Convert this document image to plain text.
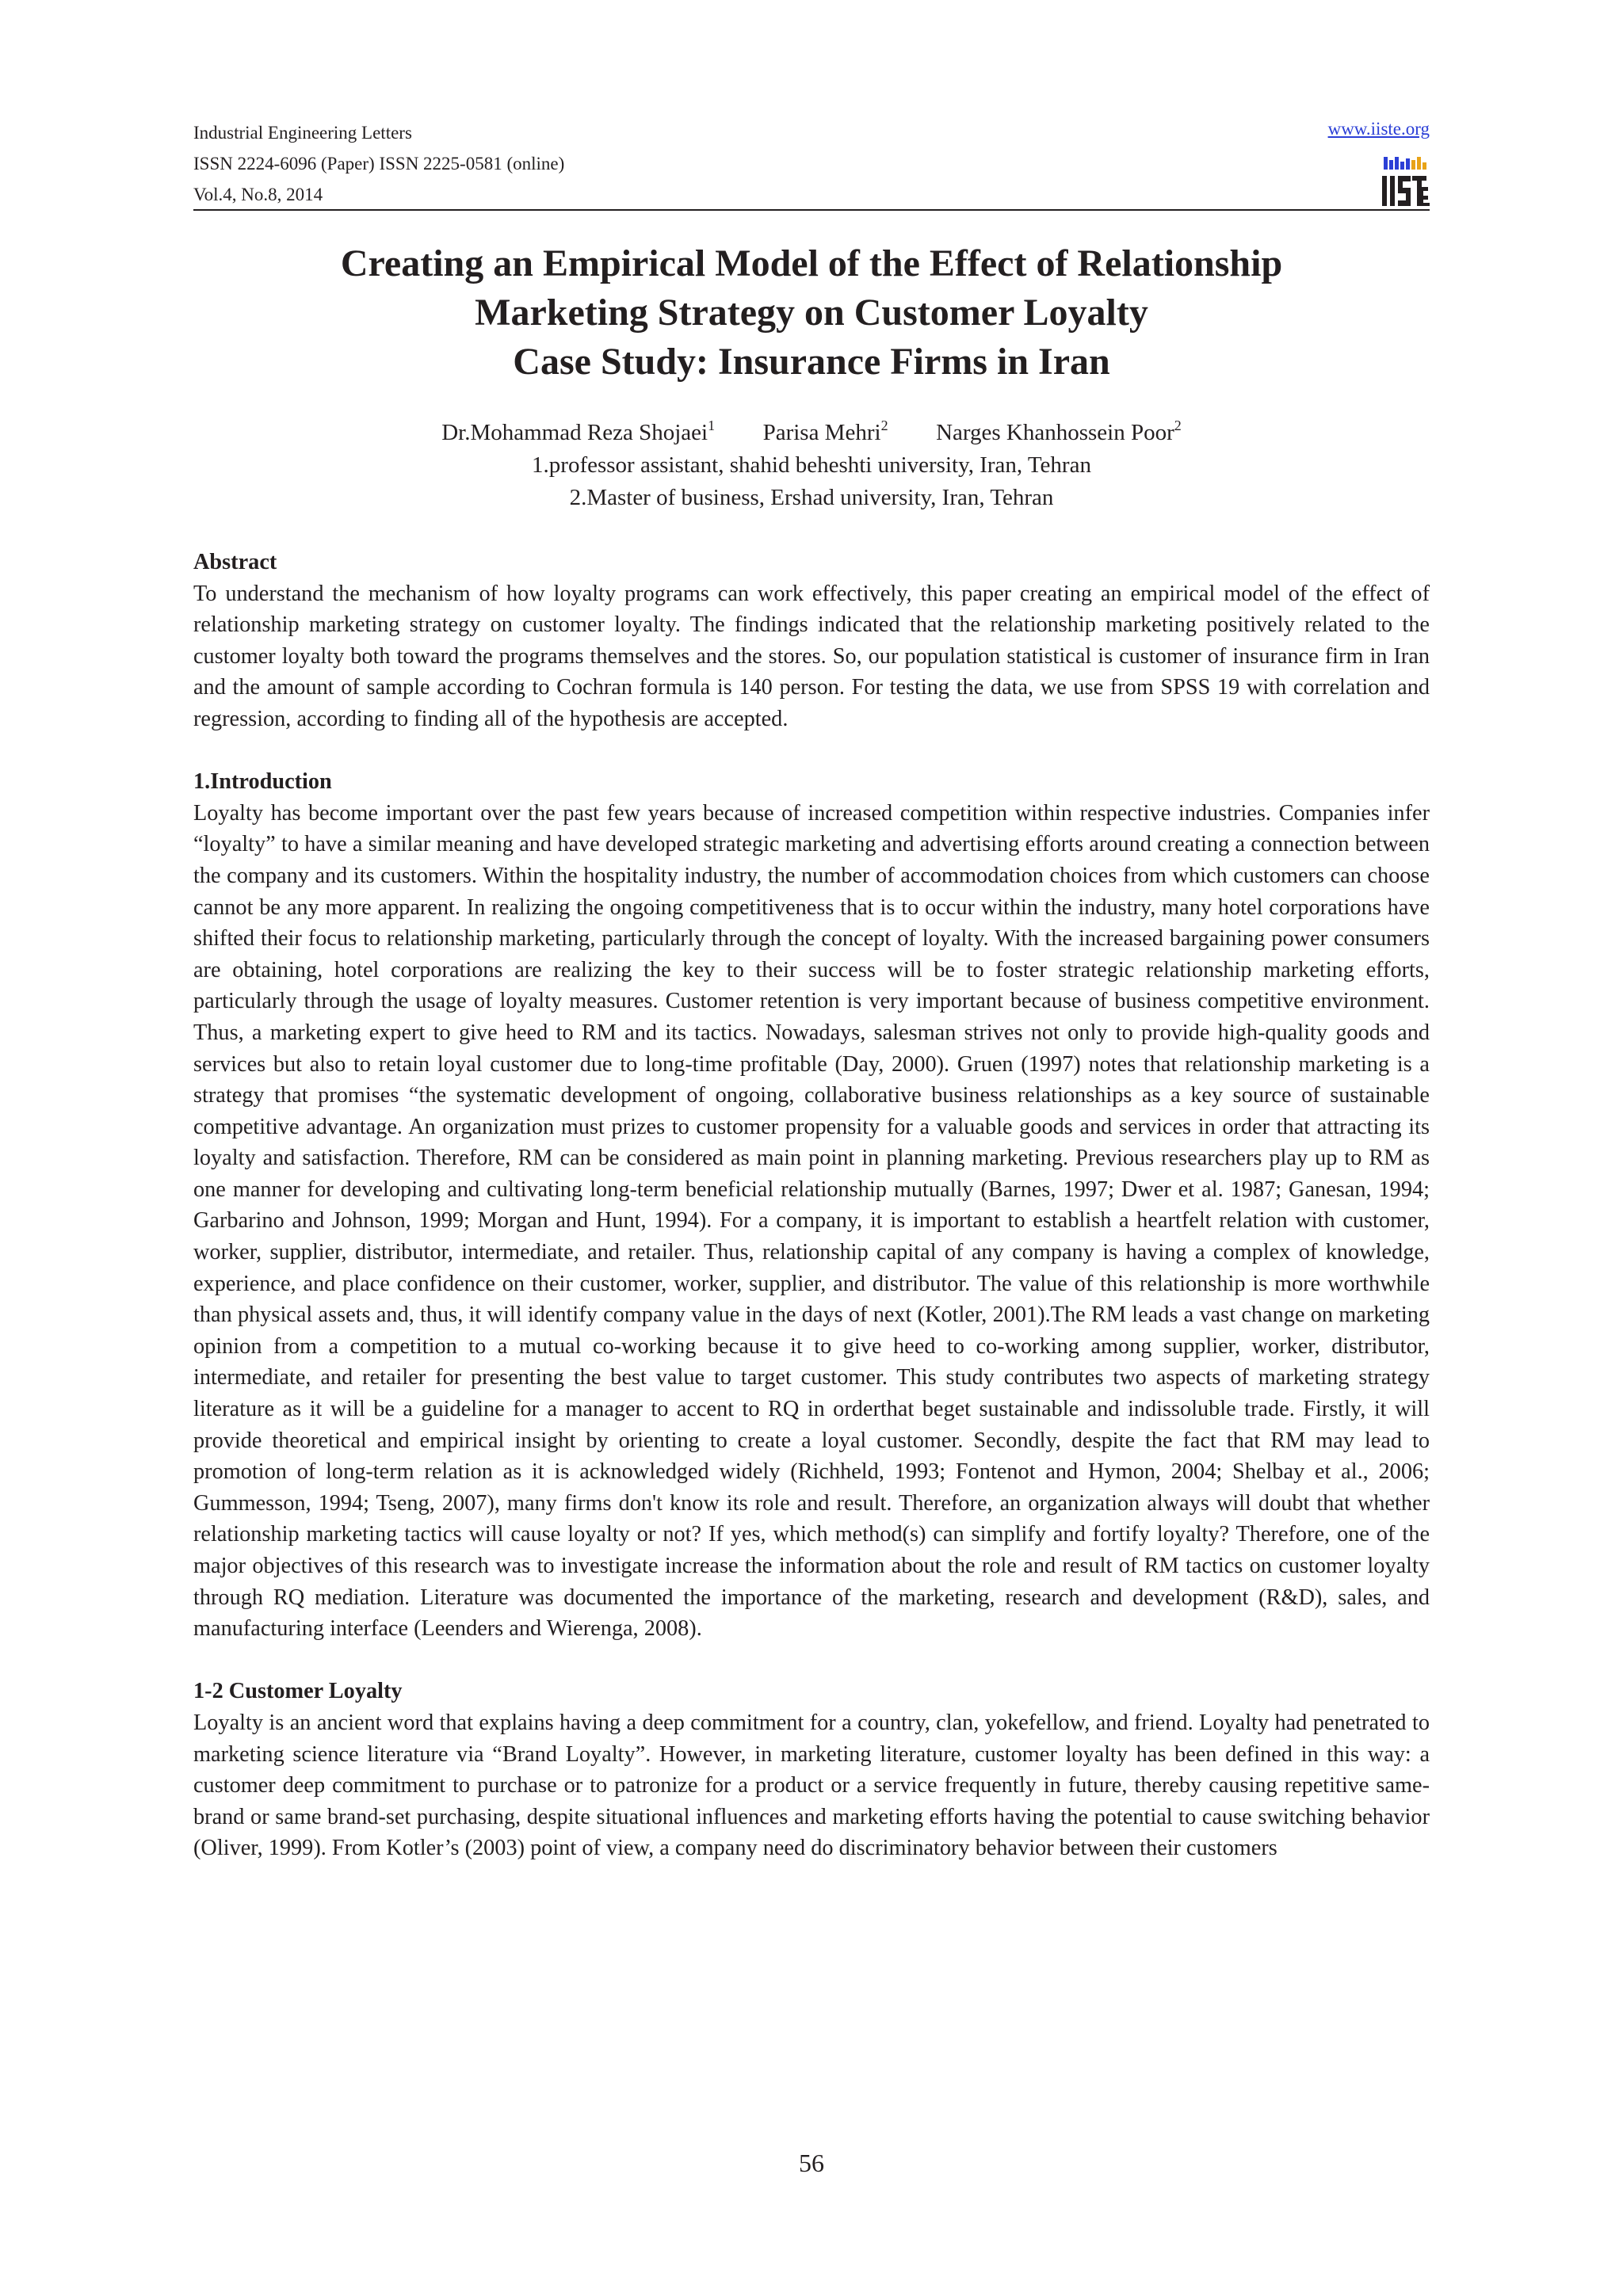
Industrial Engineering Letters
ISSN 2224-6096 (Paper) ISSN 2225-0581 (online)
Vol.4, No.8, 2014
www.iiste.org
Creating an Empirical Model of the Effect of Relationship
Marketing Strategy on Customer Loyalty
Case Study: Insurance Firms in Iran
Dr.Mohammad Reza Shojaei$^1$ Parisa Mehri$^2$ Narges Khanhossein Poor$^2$
1.professor assistant, shahid beheshti university, Iran, Tehran
2.Master of business, Ershad university, Iran, Tehran

Abstract

To understand the mechanism of how loyalty programs can work effectively, this paper creating an empirical model of the effect of relationship marketing strategy on customer loyalty. The findings indicated that the relationship marketing positively related to the customer loyalty both toward the programs themselves and the stores. So, our population statistical is customer of insurance firm in Iran and the amount of sample according to Cochran formula is 140 person. For testing the data, we use from SPSS 19 with correlation and regression, according to finding all of the hypothesis are accepted.

1.Introduction

Loyalty has become important over the past few years because of increased competition within respective industries. Companies infer “loyalty” to have a similar meaning and have developed strategic marketing and advertising efforts around creating a connection between the company and its customers. Within the hospitality industry, the number of accommodation choices from which customers can choose cannot be any more apparent. In realizing the ongoing competitiveness that is to occur within the industry, many hotel corporations have shifted their focus to relationship marketing, particularly through the concept of loyalty. With the increased bargaining power consumers are obtaining, hotel corporations are realizing the key to their success will be to foster strategic relationship marketing efforts, particularly through the usage of loyalty measures. Customer retention is very important because of business competitive environment. Thus, a marketing expert to give heed to RM and its tactics. Nowadays, salesman strives not only to provide high-quality goods and services but also to retain loyal customer due to long-time profitable (Day, 2000). Gruen (1997) notes that relationship marketing is a strategy that promises “the systematic development of ongoing, collaborative business relationships as a key source of sustainable competitive advantage. An organization must prizes to customer propensity for a valuable goods and services in order that attracting its loyalty and satisfaction. Therefore, RM can be considered as main point in planning marketing. Previous researchers play up to RM as one manner for developing and cultivating long-term beneficial relationship mutually (Barnes, 1997; Dwer et al. 1987; Ganesan, 1994; Garbarino and Johnson, 1999; Morgan and Hunt, 1994). For a company, it is important to establish a heartfelt relation with customer, worker, supplier, distributor, intermediate, and retailer. Thus, relationship capital of any company is having a complex of knowledge, experience, and place confidence on their customer, worker, supplier, and distributor. The value of this relationship is more worthwhile than physical assets and, thus, it will identify company value in the days of next (Kotler, 2001).The RM leads a vast change on marketing opinion from a competition to a mutual co-working because it to give heed to co-working among supplier, worker, distributor, intermediate, and retailer for presenting the best value to target customer. This study contributes two aspects of marketing strategy literature as it will be a guideline for a manager to accent to RQ in orderthat beget sustainable and indissoluble trade. Firstly, it will provide theoretical and empirical insight by orienting to create a loyal customer. Secondly, despite the fact that RM may lead to promotion of long-term relation as it is acknowledged widely (Richheld, 1993; Fontenot and Hymon, 2004; Shelbay et al., 2006; Gummesson, 1994; Tseng, 2007), many firms don't know its role and result. Therefore, an organization always will doubt that whether relationship marketing tactics will cause loyalty or not? If yes, which method(s) can simplify and fortify loyalty? Therefore, one of the major objectives of this research was to investigate increase the information about the role and result of RM tactics on customer loyalty through RQ mediation. Literature was documented the importance of the marketing, research and development (R&D), sales, and manufacturing interface (Leenders and Wierenga, 2008).

1-2 Customer Loyalty

Loyalty is an ancient word that explains having a deep commitment for a country, clan, yokefellow, and friend. Loyalty had penetrated to marketing science literature via “Brand Loyalty”. However, in marketing literature, customer loyalty has been defined in this way: a customer deep commitment to purchase or to patronize for a product or a service frequently in future, thereby causing repetitive same-brand or same brand-set purchasing, despite situational influences and marketing efforts having the potential to cause switching behavior (Oliver, 1999). From Kotler’s (2003) point of view, a company need do discriminatory behavior between their customers

56
